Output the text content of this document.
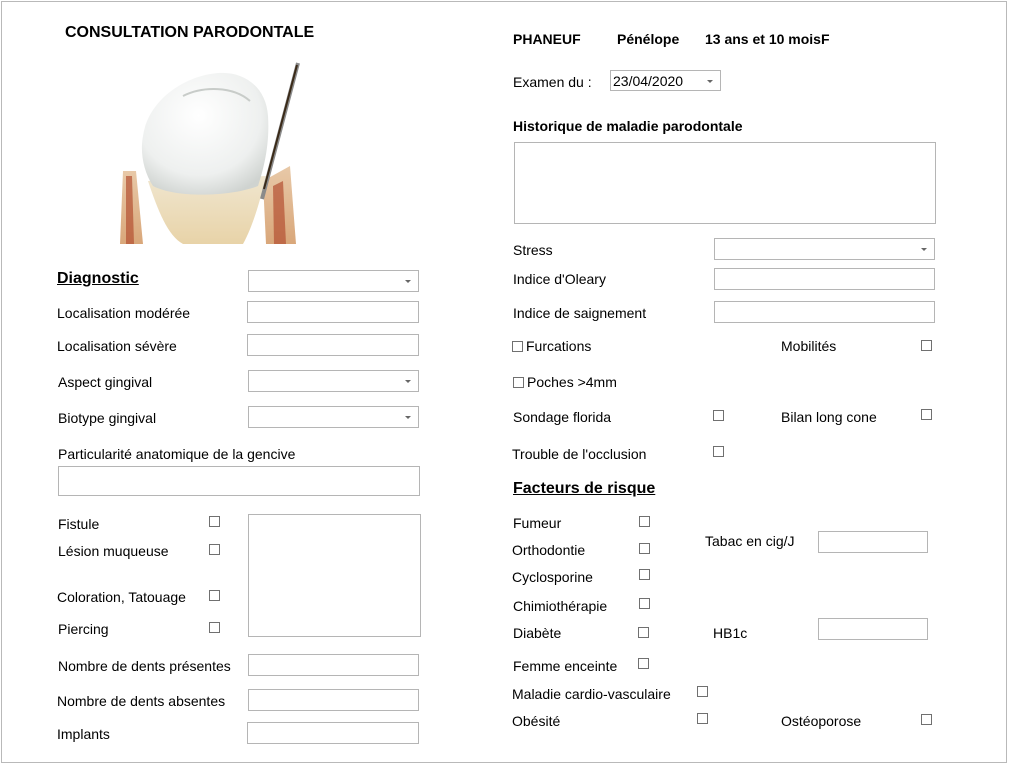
CONSULTATION PARODONTALE	PHANEUF	Pénélope 13 ans et 10 moisF
Examen du : 23/04/2020
Historique de maladie parodontale
Diagnostic
Localisation modérée
Localisation sévère
Aspect gingival
Biotype gingival
Particularité anatomique de la gencive
Fistule
Lésion muqueuse
Coloration, Tatouage
Piercing
Nombre de dents présentes
Nombre de dents absentes
Implants
Stress
Indice d'Oleary
Indice de saignement
Furcations	Mobilités
Poches >4mm
Sondage florida	Bilan long cone
Trouble de l'occlusion
Facteurs de risque
Fumeur
Orthodontie
Cyclosporine
Chimiothérapie
Diabète
Femme enceinte
Maladie cardio-vasculaire
Obésité	Ostéoporose
Tabac en cig/J
HB1c
